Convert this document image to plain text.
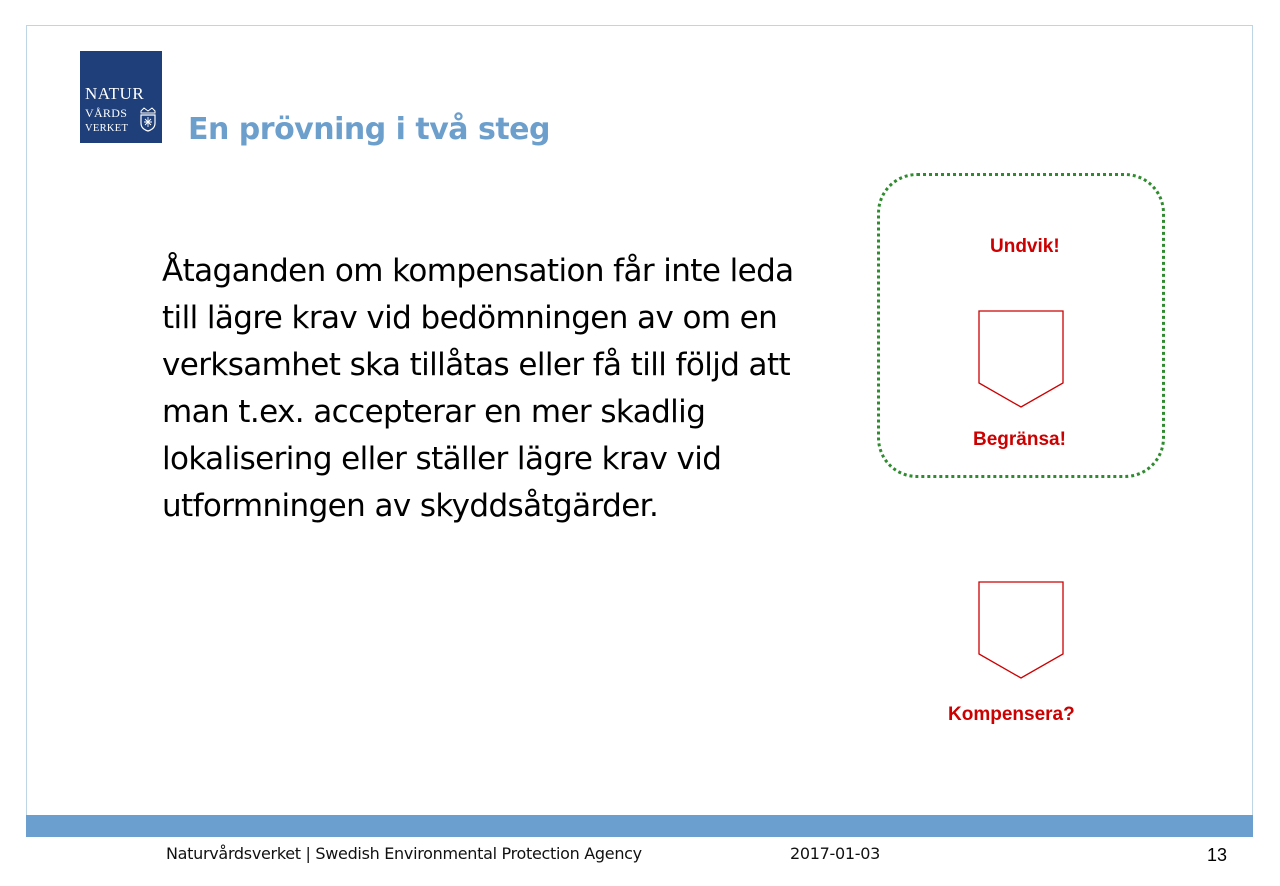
NATUR
VÅRDS
VERKET En prövning i två steg
Åtaganden om kompensation får inte leda
till lägre krav vid bedömningen av om en
verksamhet ska tillåtas eller få till följd att
man t.ex. accepterar en mer skadlig
lokalisering eller ställer lägre krav vid
utformningen av skyddsåtgärder.
Undvik!
Begränsa!
Kompensera?
Naturvårdsverket | Swedish Environmental Protection Agency	2017-01-03	13
